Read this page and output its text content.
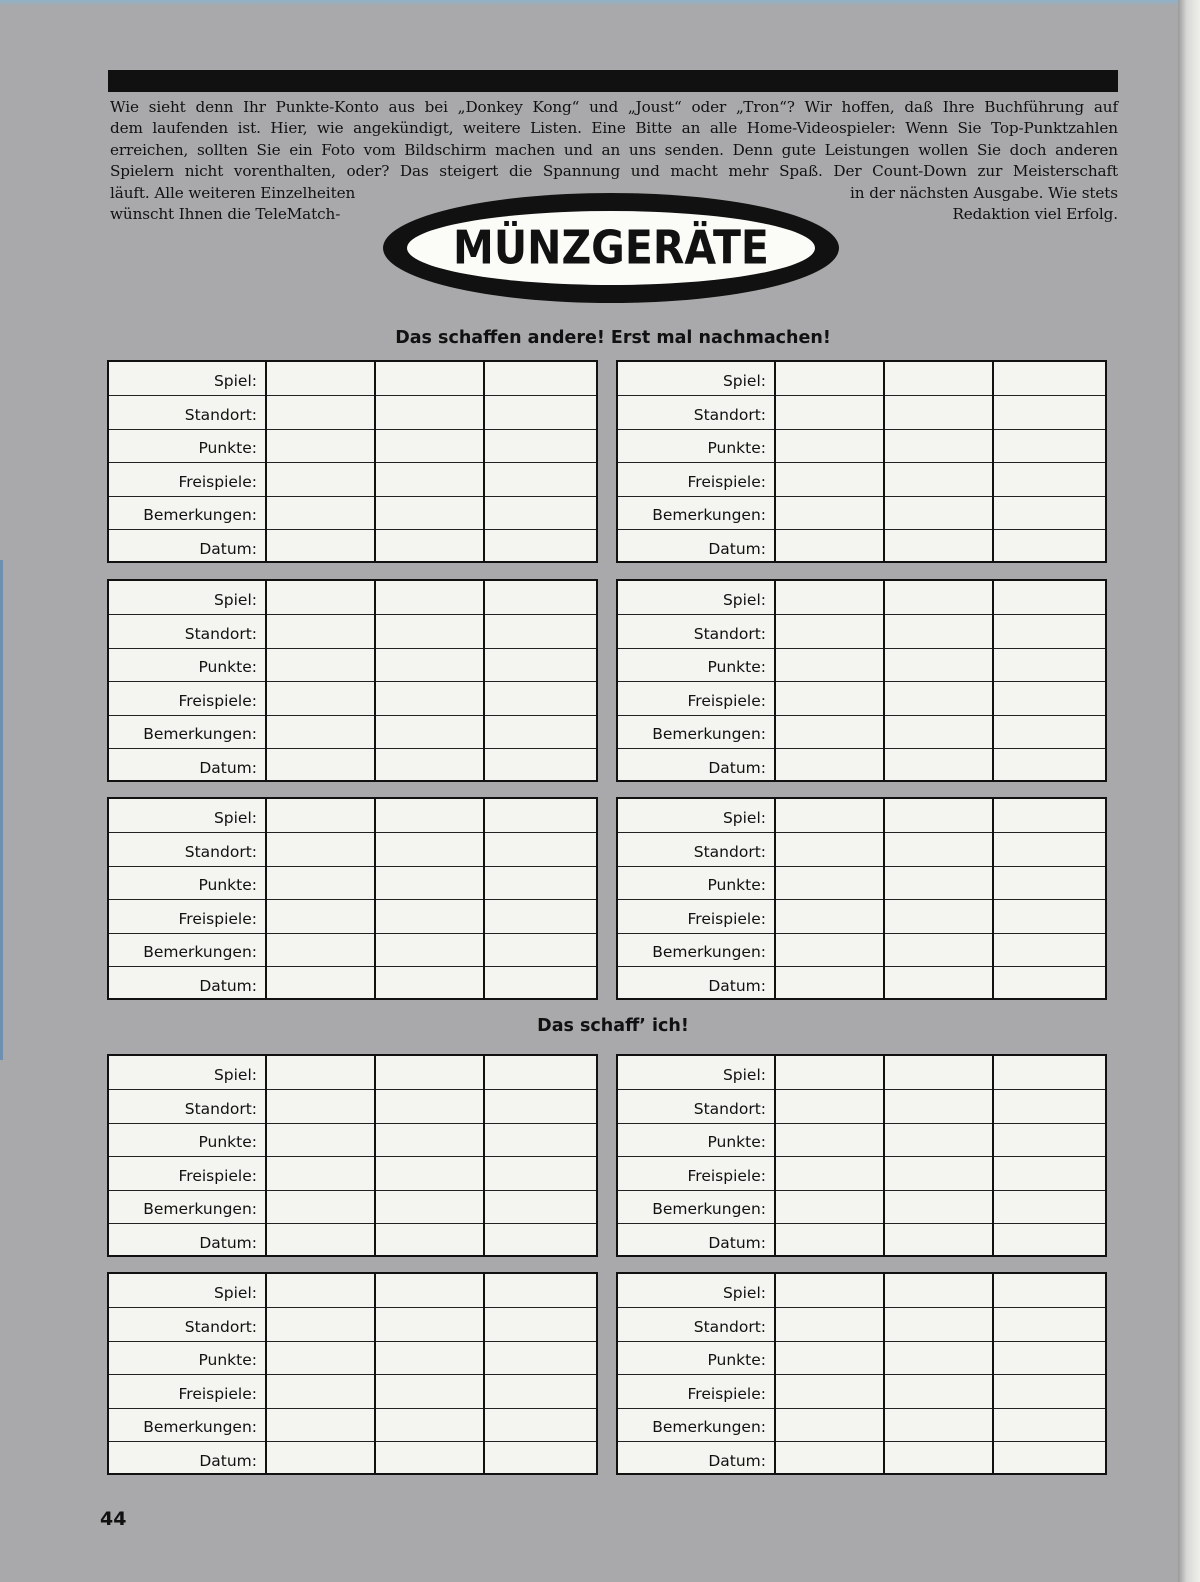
Wie sieht denn Ihr Punkte-Konto aus bei „Donkey Kong“ und „Joust“ oder „Tron“? Wir hoffen, daß Ihre Buchführung auf
dem laufenden ist. Hier, wie angekündigt, weitere Listen. Eine Bitte an alle Home-Videospieler: Wenn Sie Top-Punktzahlen
erreichen, sollten Sie ein Foto vom Bildschirm machen und an uns senden. Denn gute Leistungen wollen Sie doch anderen
Spielern nicht vorenthalten, oder? Das steigert die Spannung und macht mehr Spaß. Der Count-Down zur Meisterschaft
läuft. Alle weiteren Einzelheiten	in der nächsten Ausgabe. Wie stets
wünscht Ihnen die TeleMatch-	Redaktion viel Erfolg.
MÜNZGERÄTE
Das schaffen andere! Erst mal nachmachen!
Das schaff’ ich!
Spiel:
Standort:
Punkte:
Freispiele:
Bemerkungen:
Datum:
Spiel:
Standort:
Punkte:
Freispiele:
Bemerkungen:
Datum:
Spiel:
Standort:
Punkte:
Freispiele:
Bemerkungen:
Datum:
Spiel:
Standort:
Punkte:
Freispiele:
Bemerkungen:
Datum:
Spiel:
Standort:
Punkte:
Freispiele:
Bemerkungen:
Datum:
Spiel:
Standort:
Punkte:
Freispiele:
Bemerkungen:
Datum:
Spiel:
Standort:
Punkte:
Freispiele:
Bemerkungen:
Datum:
Spiel:
Standort:
Punkte:
Freispiele:
Bemerkungen:
Datum:
Spiel:
Standort:
Punkte:
Freispiele:
Bemerkungen:
Datum:
Spiel:
Standort:
Punkte:
Freispiele:
Bemerkungen:
Datum:
44
